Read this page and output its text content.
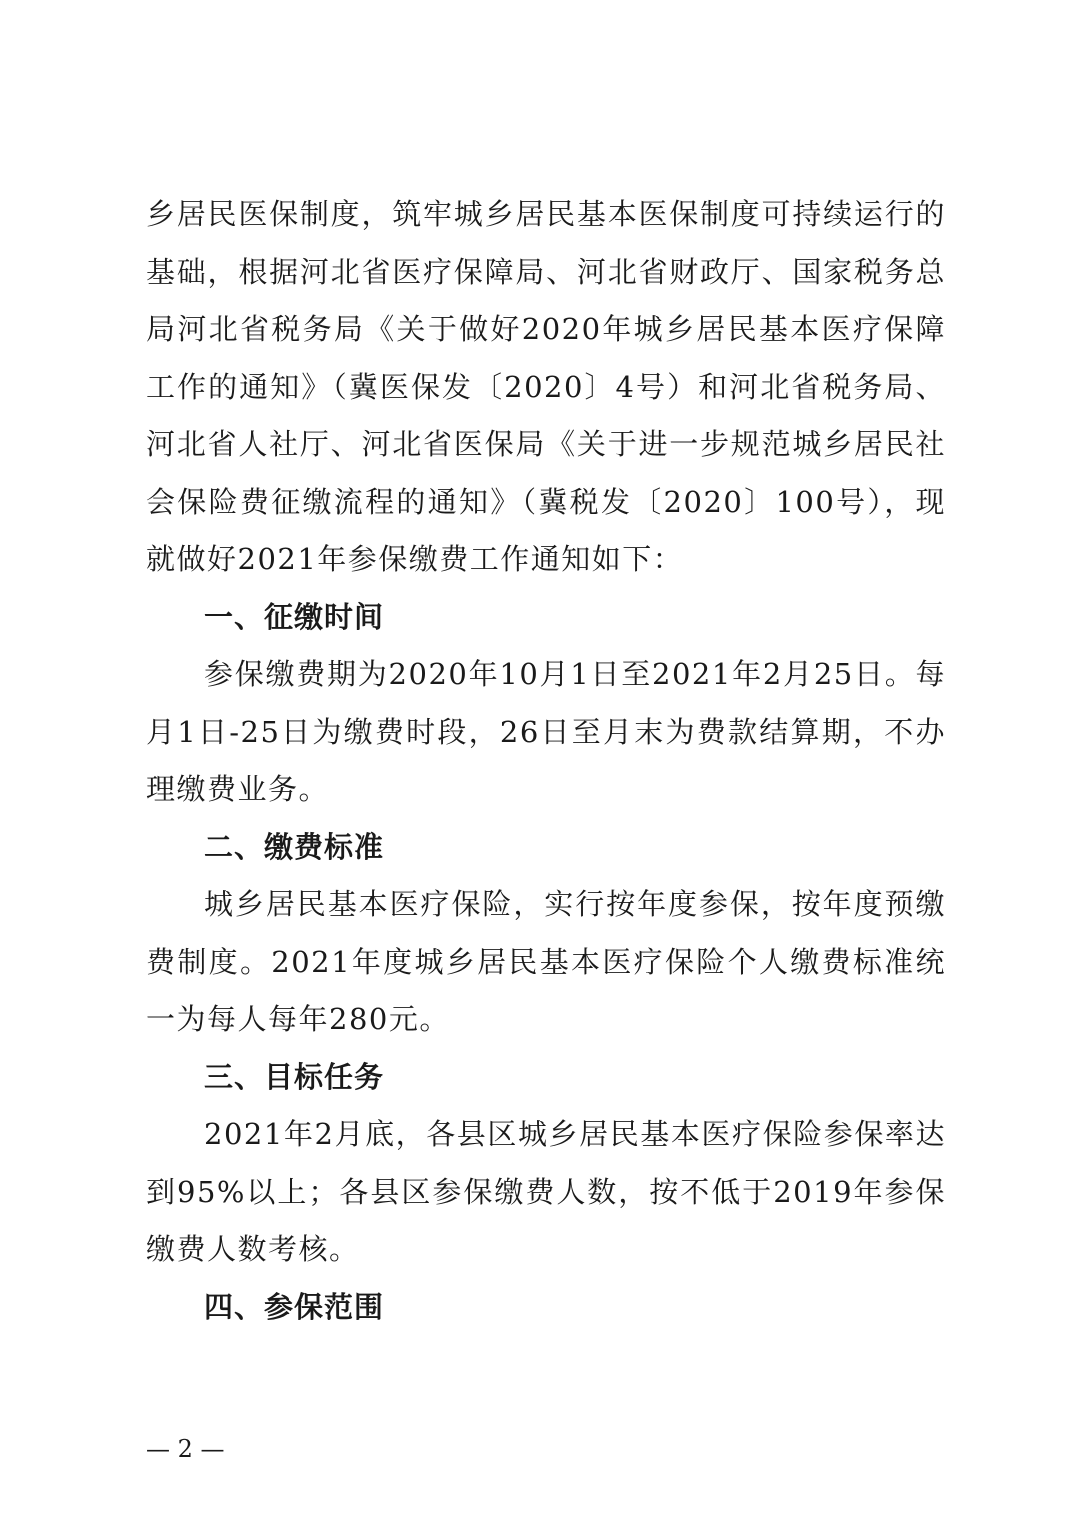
乡居民医保制度，筑牢城乡居民基本医保制度可持续运行的基础，根据河北省医疗保障局、河北省财政厅、国家税务总局河北省税务局《关于做好2020年城乡居民基本医疗保障工作的通知》（冀医保发〔2020〕4号）和河北省税务局、河北省人社厅、河北省医保局《关于进一步规范城乡居民社会保险费征缴流程的通知》（冀税发〔2020〕100号），现就做好2021年参保缴费工作通知如下：

一、征缴时间

参保缴费期为2020年10月1日至2021年2月25日。每月1日-25日为缴费时段，26日至月末为费款结算期，不办理缴费业务。

二、缴费标准

城乡居民基本医疗保险，实行按年度参保，按年度预缴费制度。2021年度城乡居民基本医疗保险个人缴费标准统一为每人每年280元。

三、目标任务

2021年2月底，各县区城乡居民基本医疗保险参保率达到95%以上；各县区参保缴费人数，按不低于2019年参保缴费人数考核。

四、参保范围
— 2 —
